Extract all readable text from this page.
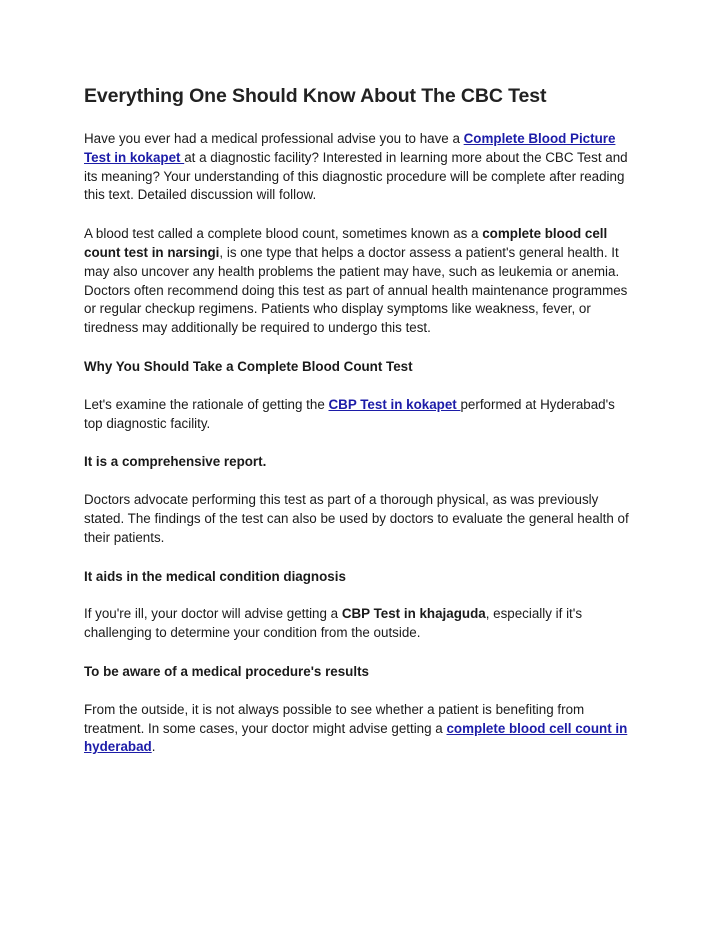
Everything One Should Know About The CBC Test

Have you ever had a medical professional advise you to have a Complete Blood Picture Test in kokapet at a diagnostic facility? Interested in learning more about the CBC Test and its meaning? Your understanding of this diagnostic procedure will be complete after reading this text. Detailed discussion will follow.

A blood test called a complete blood count, sometimes known as a complete blood cell count test in narsingi, is one type that helps a doctor assess a patient's general health. It may also uncover any health problems the patient may have, such as leukemia or anemia. Doctors often recommend doing this test as part of annual health maintenance programmes or regular checkup regimens. Patients who display symptoms like weakness, fever, or tiredness may additionally be required to undergo this test.

Why You Should Take a Complete Blood Count Test

Let's examine the rationale of getting the CBP Test in kokapet performed at Hyderabad's top diagnostic facility.

It is a comprehensive report.

Doctors advocate performing this test as part of a thorough physical, as was previously stated. The findings of the test can also be used by doctors to evaluate the general health of their patients.

It aids in the medical condition diagnosis

If you're ill, your doctor will advise getting a CBP Test in khajaguda, especially if it's challenging to determine your condition from the outside.

To be aware of a medical procedure's results

From the outside, it is not always possible to see whether a patient is benefiting from treatment. In some cases, your doctor might advise getting a complete blood cell count in hyderabad.
